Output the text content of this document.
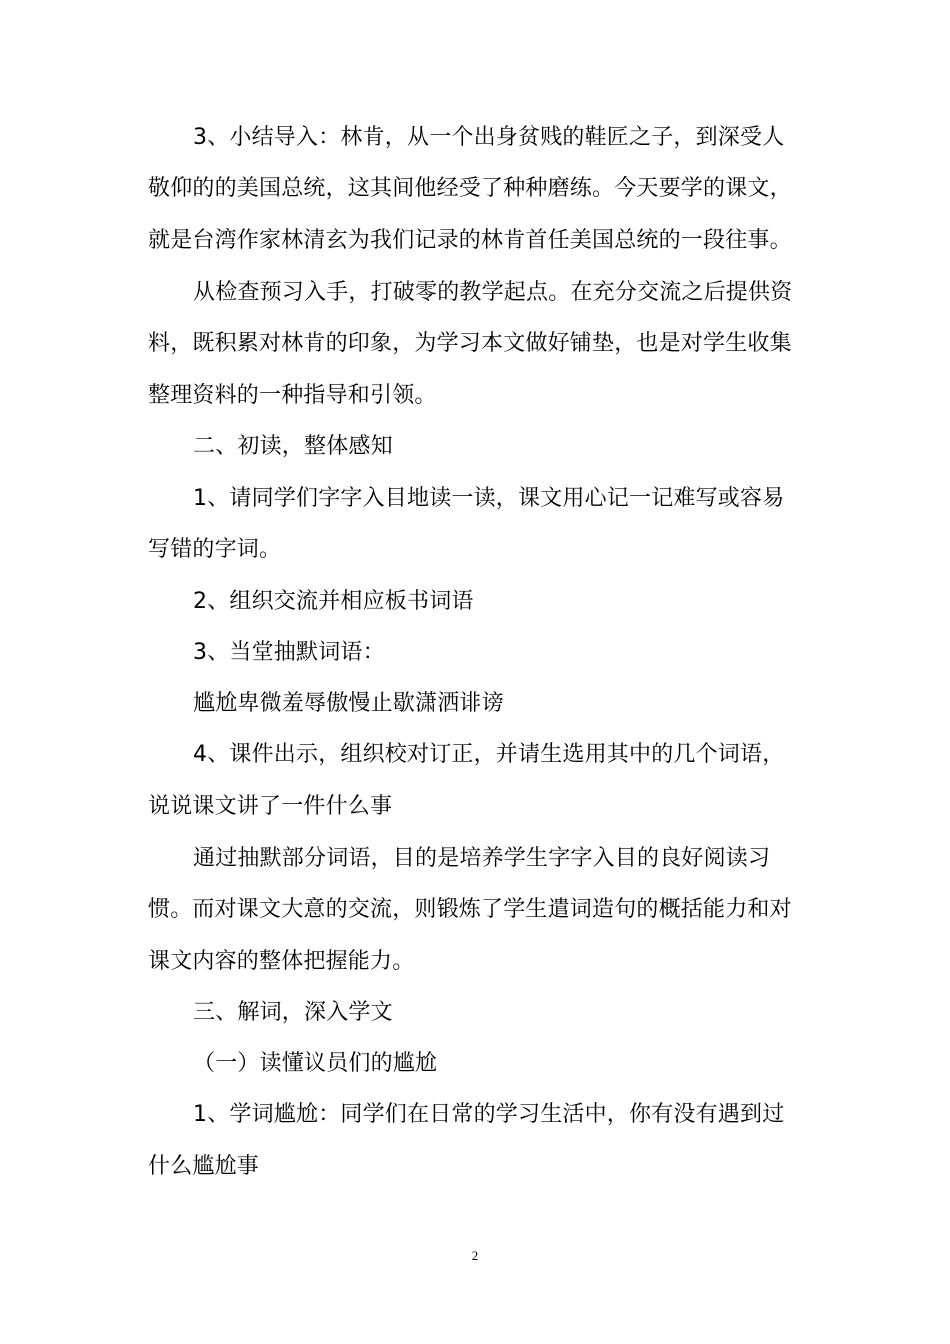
3、小结导入：林肯，从一个出身贫贱的鞋匠之子，到深受人
敬仰的的美国总统，这其间他经受了种种磨练。今天要学的课文，
就是台湾作家林清玄为我们记录的林肯首任美国总统的一段往事。
从检查预习入手，打破零的教学起点。在充分交流之后提供资
料，既积累对林肯的印象，为学习本文做好铺垫，也是对学生收集
整理资料的一种指导和引领。
二、初读，整体感知
1、请同学们字字入目地读一读，课文用心记一记难写或容易
写错的字词。
2、组织交流并相应板书词语
3、当堂抽默词语：
尴尬卑微羞辱傲慢止歇潇洒诽谤
4、课件出示，组织校对订正，并请生选用其中的几个词语，
说说课文讲了一件什么事
通过抽默部分词语，目的是培养学生字字入目的良好阅读习
惯。而对课文大意的交流，则锻炼了学生遣词造句的概括能力和对
课文内容的整体把握能力。
三、解词，深入学文
（一）读懂议员们的尴尬
1、学词尴尬：同学们在日常的学习生活中，你有没有遇到过
什么尴尬事
2
